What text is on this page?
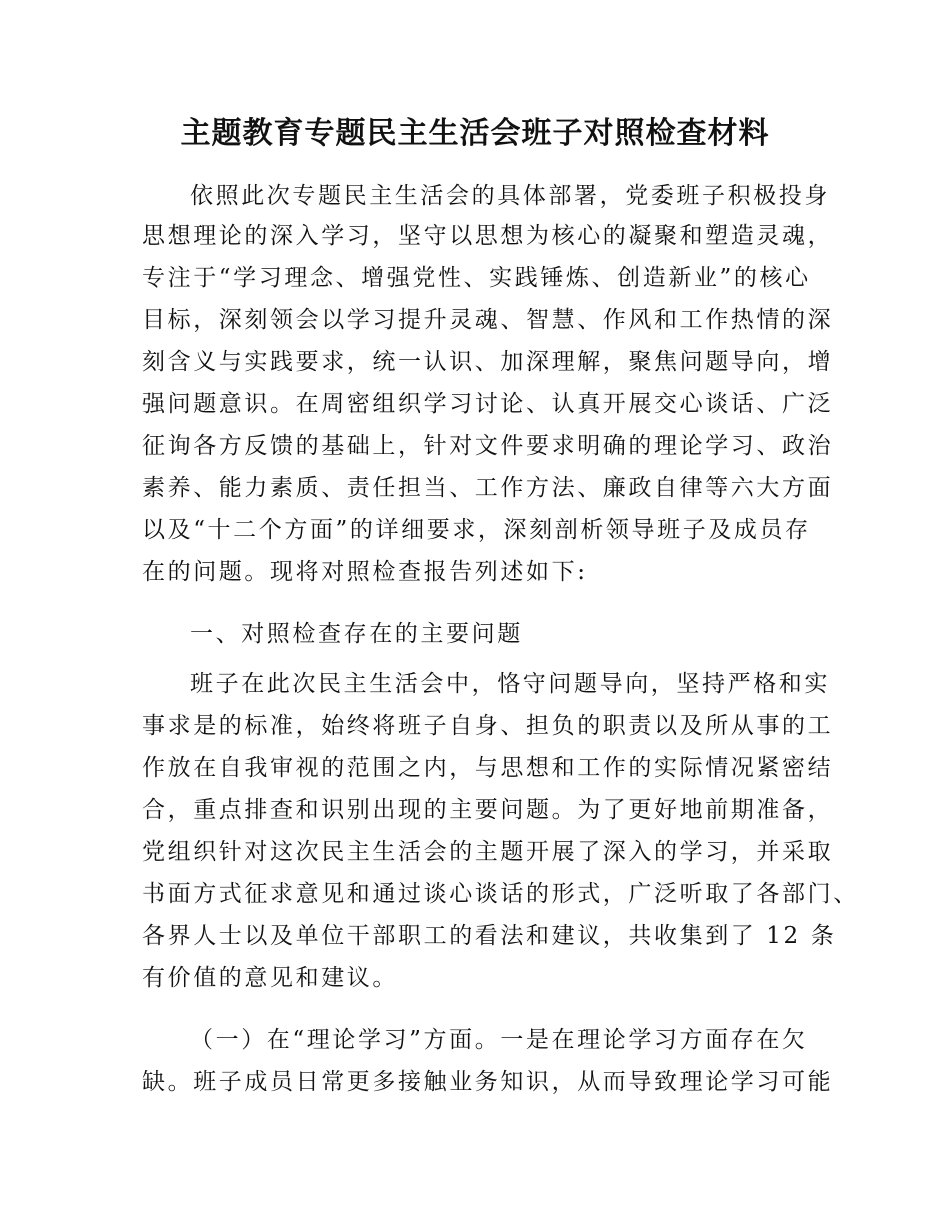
主题教育专题民主生活会班子对照检查材料

依照此次专题民主生活会的具体部署，党委班子积极投身

思想理论的深入学习，坚守以思想为核心的凝聚和塑造灵魂，

专注于“学习理念、增强党性、实践锤炼、创造新业”的核心

目标，深刻领会以学习提升灵魂、智慧、作风和工作热情的深

刻含义与实践要求，统一认识、加深理解，聚焦问题导向，增

强问题意识。在周密组织学习讨论、认真开展交心谈话、广泛

征询各方反馈的基础上，针对文件要求明确的理论学习、政治

素养、能力素质、责任担当、工作方法、廉政自律等六大方面

以及“十二个方面”的详细要求，深刻剖析领导班子及成员存

在的问题。现将对照检查报告列述如下:

一、对照检查存在的主要问题

班子在此次民主生活会中，恪守问题导向，坚持严格和实

事求是的标准，始终将班子自身、担负的职责以及所从事的工

作放在自我审视的范围之内，与思想和工作的实际情况紧密结

合，重点排查和识别出现的主要问题。为了更好地前期准备，

党组织针对这次民主生活会的主题开展了深入的学习，并采取

书面方式征求意见和通过谈心谈话的形式，广泛听取了各部门、

各界人士以及单位干部职工的看法和建议，共收集到了 12 条

有价值的意见和建议。

（一）在“理论学习”方面。一是在理论学习方面存在欠

缺。班子成员日常更多接触业务知识，从而导致理论学习可能
